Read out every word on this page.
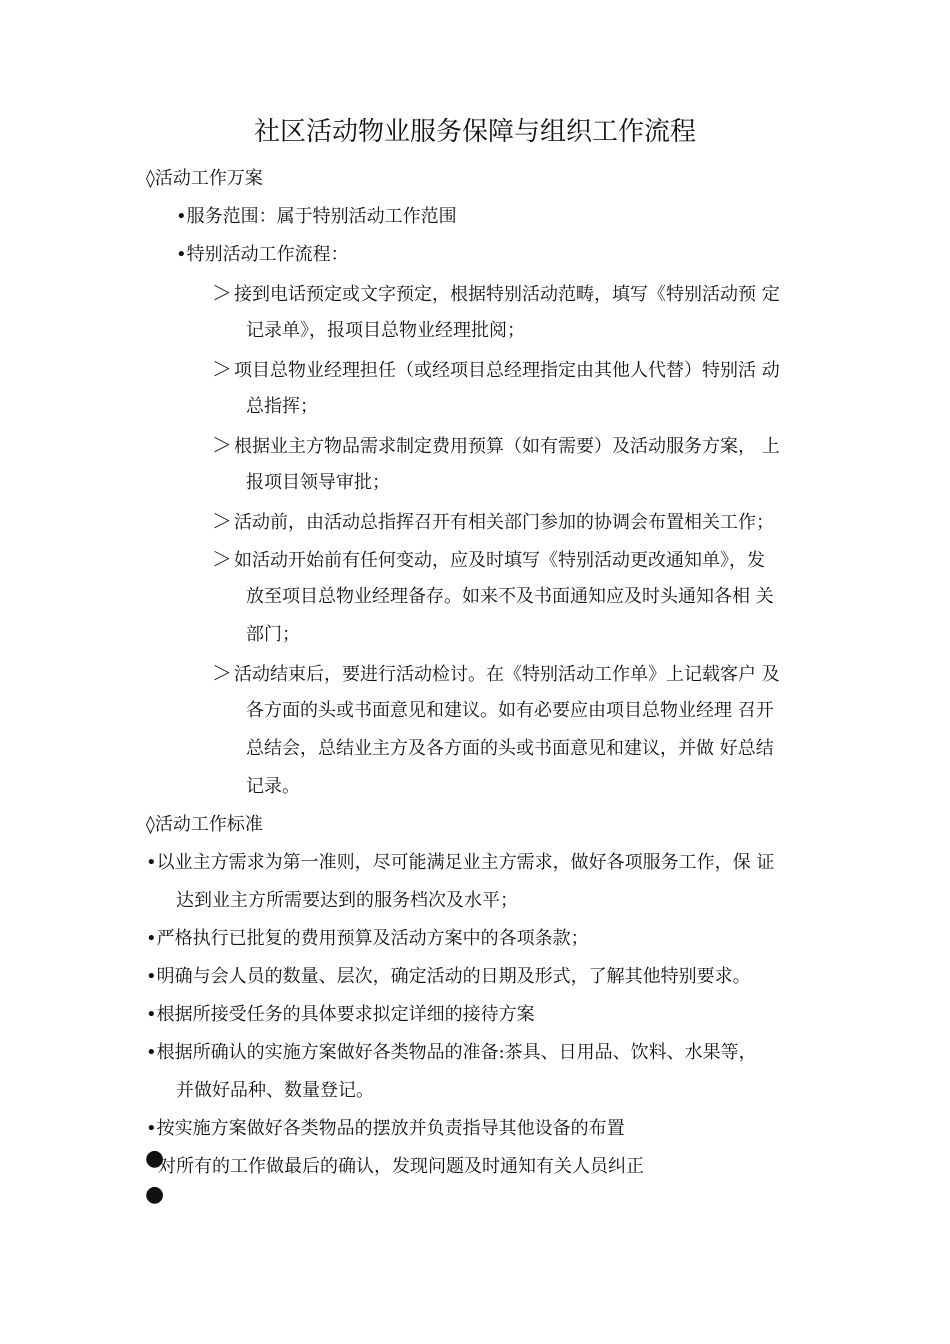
社区活动物业服务保障与组织工作流程
◊活动工作万案
•服务范围：属于特别活动工作范围
•特别活动工作流程：
＞ 接到电话预定或文字预定，根据特别活动范畴，填写《特别活动预 定
记录单》，报项目总物业经理批阅；
＞ 项目总物业经理担任（或经项目总经理指定由其他人代替）特别活 动
总指挥；
＞ 根据业主方物品需求制定费用预算（如有需要）及活动服务方案， 上
报项目领导审批；
＞ 活动前，由活动总指挥召开有相关部门参加的协调会布置相关工作；
＞ 如活动开始前有任何变动，应及时填写《特别活动更改通知单》，发
放至项目总物业经理备存。如来不及书面通知应及时头通知各相 关
部门；
＞ 活动结束后，要进行活动检讨。在《特别活动工作单》上记载客户 及
各方面的头或书面意见和建议。如有必要应由项目总物业经理 召开
总结会，总结业主方及各方面的头或书面意见和建议，并做 好总结
记录。
◊活动工作标准
•以业主方需求为第一准则，尽可能满足业主方需求，做好各项服务工作，保 证
达到业主方所需要达到的服务档次及水平；
•严格执行已批复的费用预算及活动方案中的各项条款；
•明确与会人员的数量、层次，确定活动的日期及形式，了解其他特别要求。
•根据所接受任务的具体要求拟定详细的接待方案
•根据所确认的实施方案做好各类物品的准备:茶具、日用品、饮料、水果等，
并做好品种、数量登记。
•按实施方案做好各类物品的摆放并负责指导其他设备的布置
●
对所有的工作做最后的确认，发现问题及时通知有关人员纠正
●
